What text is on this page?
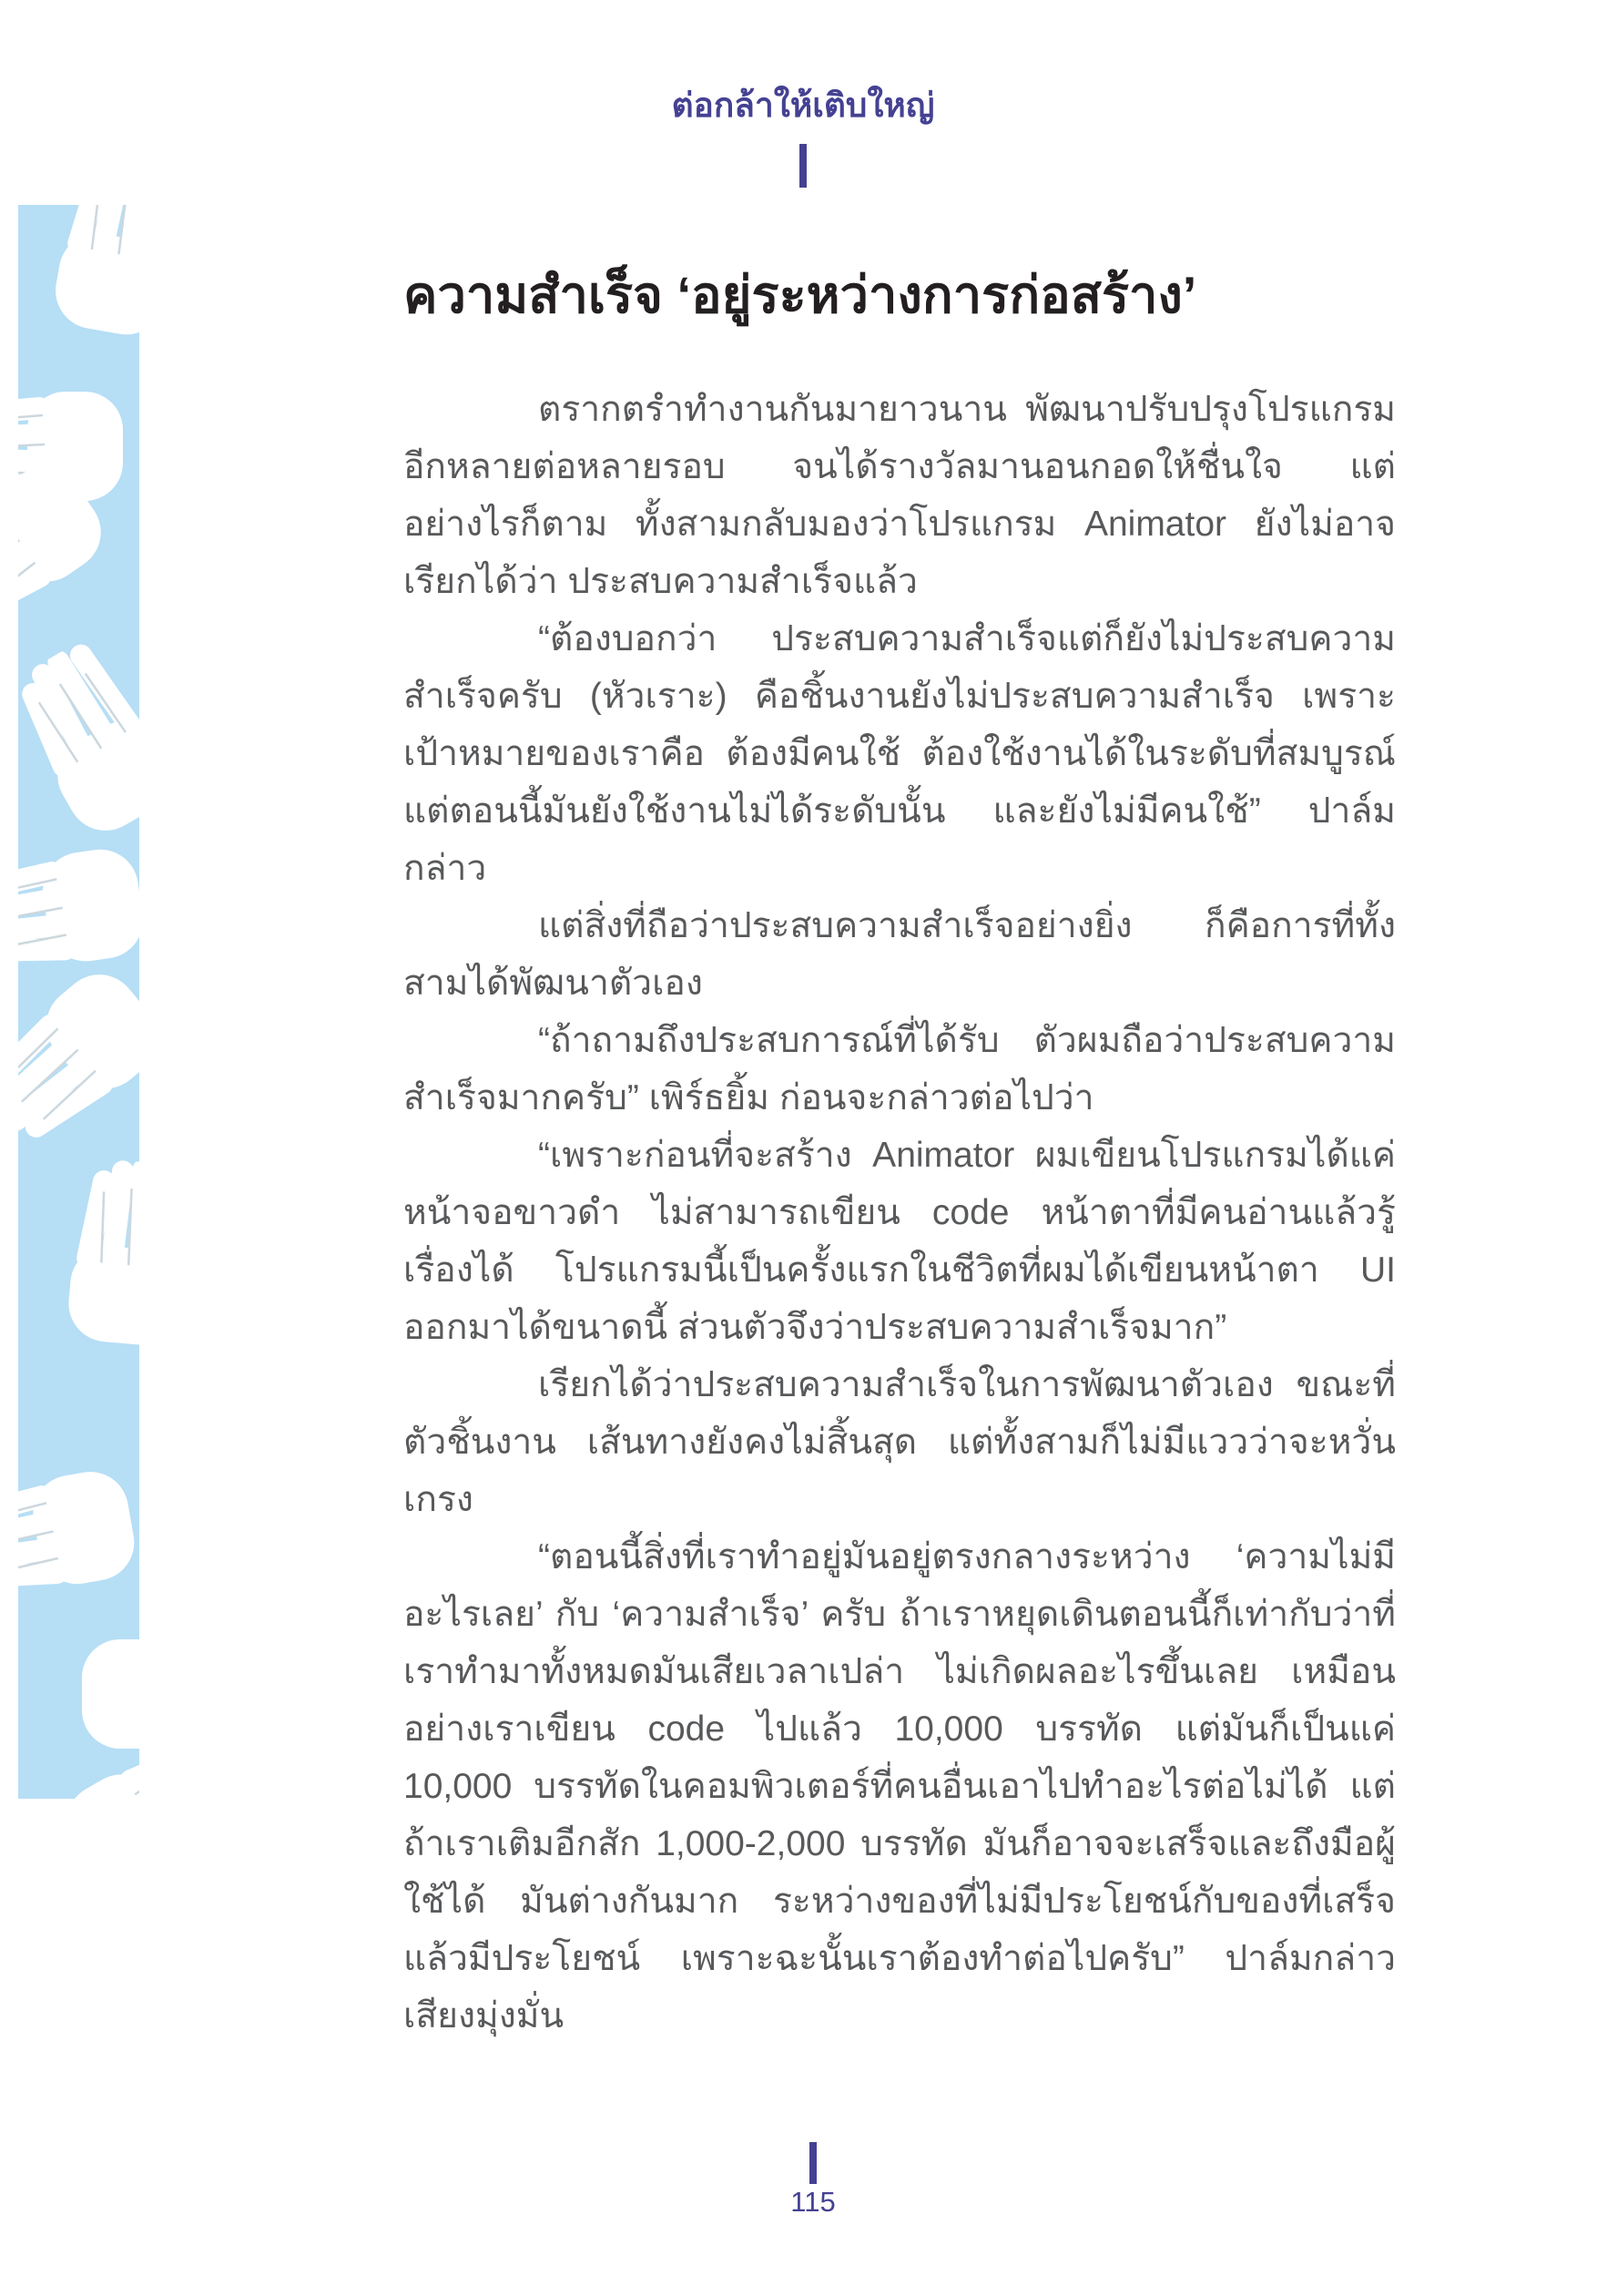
ต่อกล้าให้เติบใหญ่
ความสำเร็จ ‘อยู่ระหว่างการก่อสร้าง’

ตรากตรำทำงานกันมายาวนาน พัฒนาปรับปรุงโปรแกรมอีกหลายต่อหลายรอบ จนได้รางวัลมานอนกอดให้ชื่นใจ แต่อย่างไรก็ตาม ทั้งสามกลับมองว่าโปรแกรม Animator ยังไม่อาจเรียกได้ว่า ประสบความสำเร็จแล้ว

“ต้องบอกว่า ประสบความสำเร็จแต่ก็ยังไม่ประสบความสำเร็จครับ (หัวเราะ) คือชิ้นงานยังไม่ประสบความสำเร็จ เพราะเป้าหมายของเราคือ ต้องมีคนใช้ ต้องใช้งานได้ในระดับที่สมบูรณ์ แต่ตอนนี้มันยังใช้งานไม่ได้ระดับนั้น และยังไม่มีคนใช้” ปาล์มกล่าว

แต่สิ่งที่ถือว่าประสบความสำเร็จอย่างยิ่ง ก็คือการที่ทั้งสามได้พัฒนาตัวเอง

“ถ้าถามถึงประสบการณ์ที่ได้รับ ตัวผมถือว่าประสบความสำเร็จมากครับ” เพิร์ธยิ้ม ก่อนจะกล่าวต่อไปว่า

“เพราะก่อนที่จะสร้าง Animator ผมเขียนโปรแกรมได้แค่หน้าจอขาวดำ ไม่สามารถเขียน code หน้าตาที่มีคนอ่านแล้วรู้เรื่องได้ โปรแกรมนี้เป็นครั้งแรกในชีวิตที่ผมได้เขียนหน้าตา UI ออกมาได้ขนาดนี้ ส่วนตัวจึงว่าประสบความสำเร็จมาก”

เรียกได้ว่าประสบความสำเร็จในการพัฒนาตัวเอง ขณะที่ตัวชิ้นงาน เส้นทางยังคงไม่สิ้นสุด แต่ทั้งสามก็ไม่มีแววว่าจะหวั่นเกรง

“ตอนนี้สิ่งที่เราทำอยู่มันอยู่ตรงกลางระหว่าง ‘ความไม่มีอะไรเลย’ กับ ‘ความสำเร็จ’ ครับ ถ้าเราหยุดเดินตอนนี้ก็เท่ากับว่าที่เราทำมาทั้งหมดมันเสียเวลาเปล่า ไม่เกิดผลอะไรขึ้นเลย เหมือนอย่างเราเขียน code ไปแล้ว 10,000 บรรทัด แต่มันก็เป็นแค่ 10,000 บรรทัดในคอมพิวเตอร์ที่คนอื่นเอาไปทำอะไรต่อไม่ได้ แต่ถ้าเราเติมอีกสัก 1,000-2,000 บรรทัด มันก็อาจจะเสร็จและถึงมือผู้ใช้ได้ มันต่างกันมาก ระหว่างของที่ไม่มีประโยชน์กับของที่เสร็จแล้วมีประโยชน์ เพราะฉะนั้นเราต้องทำต่อไปครับ” ปาล์มกล่าวเสียงมุ่งมั่น

115
